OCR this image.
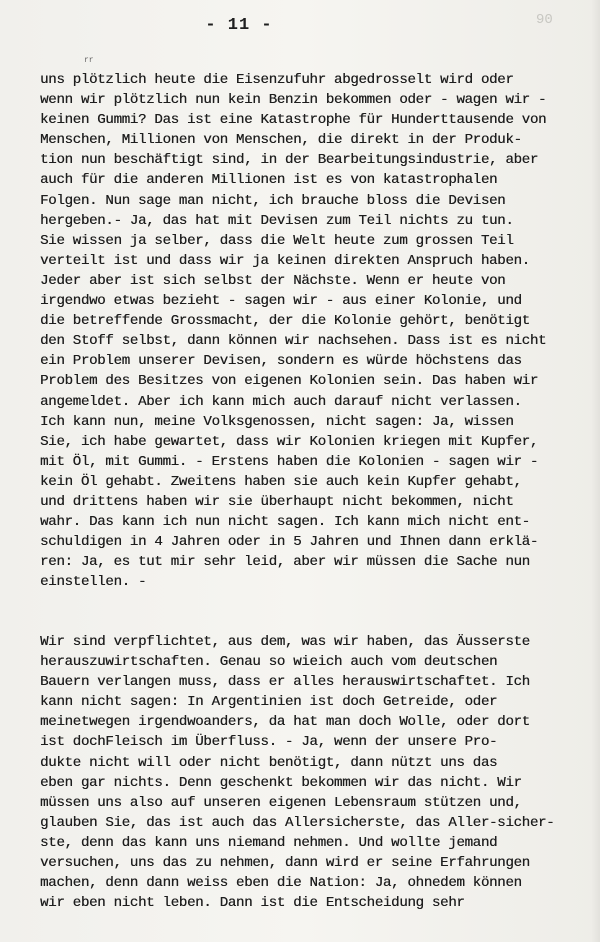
- 11 -	90
rr
uns plötzlich heute die Eisenzufuhr abgedrosselt wird oder
wenn wir plötzlich nun kein Benzin bekommen oder - wagen wir -
keinen Gummi? Das ist eine Katastrophe für Hunderttausende von
Menschen, Millionen von Menschen, die direkt in der Produk-
tion nun beschäftigt sind, in der Bearbeitungsindustrie, aber
auch für die anderen Millionen ist es von katastrophalen
Folgen. Nun sage man nicht, ich brauche bloss die Devisen
hergeben.- Ja, das hat mit Devisen zum Teil nichts zu tun.
Sie wissen ja selber, dass die Welt heute zum grossen Teil
verteilt ist und dass wir ja keinen direkten Anspruch haben.
Jeder aber ist sich selbst der Nächste. Wenn er heute von
irgendwo etwas bezieht - sagen wir - aus einer Kolonie, und
die betreffende Grossmacht, der die Kolonie gehört, benötigt
den Stoff selbst, dann können wir nachsehen. Dass ist es nicht
ein Problem unserer Devisen, sondern es würde höchstens das
Problem des Besitzes von eigenen Kolonien sein. Das haben wir
angemeldet. Aber ich kann mich auch darauf nicht verlassen.
Ich kann nun, meine Volksgenossen, nicht sagen: Ja, wissen
Sie, ich habe gewartet, dass wir Kolonien kriegen mit Kupfer,
mit Öl, mit Gummi. - Erstens haben die Kolonien - sagen wir -
kein Öl gehabt. Zweitens haben sie auch kein Kupfer gehabt,
und drittens haben wir sie überhaupt nicht bekommen, nicht
wahr. Das kann ich nun nicht sagen. Ich kann mich nicht ent-
schuldigen in 4 Jahren oder in 5 Jahren und Ihnen dann erklä-
ren: Ja, es tut mir sehr leid, aber wir müssen die Sache nun
einstellen. -
Wir sind verpflichtet, aus dem, was wir haben, das Äusserste
herauszuwirtschaften. Genau so wieich auch vom deutschen
Bauern verlangen muss, dass er alles herauswirtschaftet. Ich
kann nicht sagen: In Argentinien ist doch Getreide, oder
meinetwegen irgendwoanders, da hat man doch Wolle, oder dort
ist dochFleisch im Überfluss. - Ja, wenn der unsere Pro-
dukte nicht will oder nicht benötigt, dann nützt uns das
eben gar nichts. Denn geschenkt bekommen wir das nicht. Wir
müssen uns also auf unseren eigenen Lebensraum stützen und,
glauben Sie, das ist auch das Allersicherste, das Aller-sicher-
ste, denn das kann uns niemand nehmen. Und wollte jemand
versuchen, uns das zu nehmen, dann wird er seine Erfahrungen
machen, denn dann weiss eben die Nation: Ja, ohnedem können
wir eben nicht leben. Dann ist die Entscheidung sehr
